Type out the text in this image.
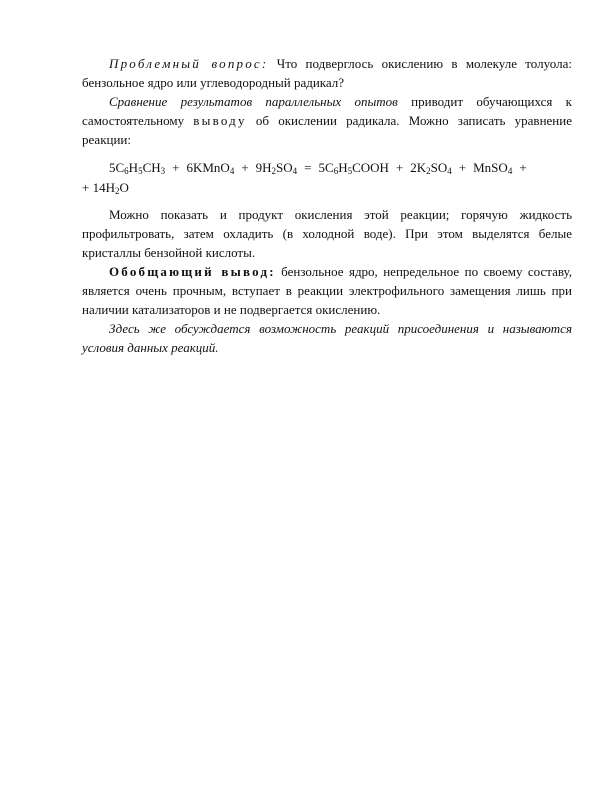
Проблемный вопрос: Что подверглось окислению в молекуле толуола: бензольное ядро или углеводородный радикал?

Сравнение результатов параллельных опытов приводит обучающихся к самостоятельному выводу об окислении радикала. Можно записать уравнение реакции:

$5C_6H_5CH_3$ + 6KMnO$_4$ + $9H_2SO_4$ = $5C_6H_5COOH + 2K_2SO_4$ + MnSO$_4$ +

+ $14H_2O$

Можно показать и продукт окисления этой реакции; горячую жидкость профильтровать, затем охладить (в холодной воде). При этом выделятся белые кристаллы бензойной кислоты.

Обобщающий вывод: бензольное ядро, непредельное по своему составу, является очень прочным, вступает в реакции электрофильного замещения лишь при наличии катализаторов и не подвергается окислению.

Здесь же обсуждается возможность реакций присоединения и называются условия данных реакций.
